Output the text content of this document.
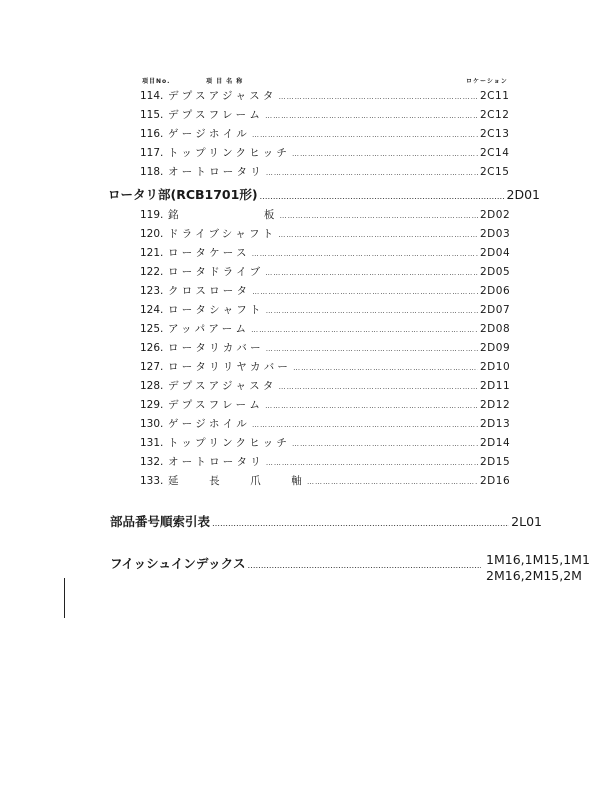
項目No.	項 目 名 称	ロケーション
114. デプスアジャスタ …………………………………………………………………………………………………………………………	2C11
115. デプスフレーム …………………………………………………………………………………………………………………………	2C12
116. ゲージホイル …………………………………………………………………………………………………………………………	2C13
117. トップリンクヒッチ …………………………………………………………………………………………………………………………	2C14
118. オートロータリ …………………………………………………………………………………………………………………………	2C15
ロータリ部(RCB1701形) …………………………………………………………………………………………………………………………	2D01
119. 銘　　　　　　板 …………………………………………………………………………………………………………………………	2D02
120. ドライブシャフト …………………………………………………………………………………………………………………………	2D03
121. ロータケース …………………………………………………………………………………………………………………………	2D04
122. ロータドライブ …………………………………………………………………………………………………………………………	2D05
123. クロスロータ …………………………………………………………………………………………………………………………	2D06
124. ロータシャフト …………………………………………………………………………………………………………………………	2D07
125. アッパアーム …………………………………………………………………………………………………………………………	2D08
126. ロータリカバー …………………………………………………………………………………………………………………………	2D09
127. ロータリリヤカバー …………………………………………………………………………………………………………………………	2D10
128. デプスアジャスタ …………………………………………………………………………………………………………………………	2D11
129. デプスフレーム …………………………………………………………………………………………………………………………	2D12
130. ゲージホイル …………………………………………………………………………………………………………………………	2D13
131. トップリンクヒッチ …………………………………………………………………………………………………………………………	2D14
132. オートロータリ …………………………………………………………………………………………………………………………	2D15
133. 延　　長　　爪　　軸 …………………………………………………………………………………………………………………………	2D16
部品番号順索引表 …………………………………………………………………………………………………………………………	2L01
フイッシュインデックス …………………………………………………………………………………………………………………………	1M16,1M15,1M1
2M16,2M15,2M
